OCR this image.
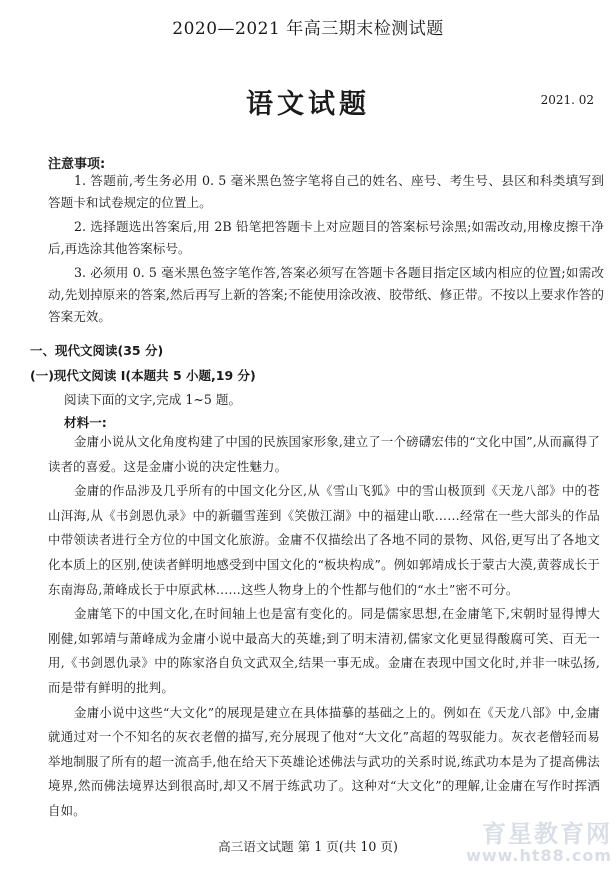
2020—2021 年高三期末检测试题
语文试题	2021. 02
注意事项:

1. 答题前,考生务必用 0. 5 毫米黑色签字笔将自己的姓名、座号、考生号、县区和科类填写到答题卡和试卷规定的位置上。

2. 选择题选出答案后,用 2B 铅笔把答题卡上对应题目的答案标号涂黑;如需改动,用橡皮擦干净后,再选涂其他答案标号。

3. 必须用 0. 5 毫米黑色签字笔作答,答案必须写在答题卡各题目指定区域内相应的位置;如需改动,先划掉原来的答案,然后再写上新的答案;不能使用涂改液、胶带纸、修正带。不按以上要求作答的答案无效。

一、现代文阅读(35 分)
(一)现代文阅读 Ⅰ(本题共 5 小题,19 分)
阅读下面的文字,完成 1~5 题。
材料一:

金庸小说从文化角度构建了中国的民族国家形象,建立了一个磅礴宏伟的“文化中国”,从而赢得了读者的喜爱。这是金庸小说的决定性魅力。

金庸的作品涉及几乎所有的中国文化分区,从《雪山飞狐》中的雪山极顶到《天龙八部》中的苍山洱海,从《书剑恩仇录》中的新疆雪莲到《笑傲江湖》中的福建山歌……经常在一些大部头的作品中带领读者进行全方位的中国文化旅游。金庸不仅描绘出了各地不同的景物、风俗,更写出了各地文化本质上的区别,使读者鲜明地感受到中国文化的“板块构成”。例如郭靖成长于蒙古大漠,黄蓉成长于东南海岛,萧峰成长于中原武林……这些人物身上的个性都与他们的“水土”密不可分。

金庸笔下的中国文化,在时间轴上也是富有变化的。同是儒家思想,在金庸笔下,宋朝时显得博大刚健,如郭靖与萧峰成为金庸小说中最高大的英雄;到了明末清初,儒家文化更显得酸腐可笑、百无一用,《书剑恩仇录》中的陈家洛自负文武双全,结果一事无成。金庸在表现中国文化时,并非一味弘扬,而是带有鲜明的批判。

金庸小说中这些“大文化”的展现是建立在具体描摹的基础之上的。例如在《天龙八部》中,金庸就通过对一个不知名的灰衣老僧的描写,充分展现了他对“大文化”高超的驾驭能力。灰衣老僧轻而易举地制服了所有的超一流高手,他在给天下英雄论述佛法与武功的关系时说,练武功本是为了提高佛法境界,然而佛法境界达到很高时,却又不屑于练武功了。这种对“大文化”的理解,让金庸在写作时挥洒自如。

高三语文试题 第 1 页(共 10 页)	育星教育网
www.ht88.com
